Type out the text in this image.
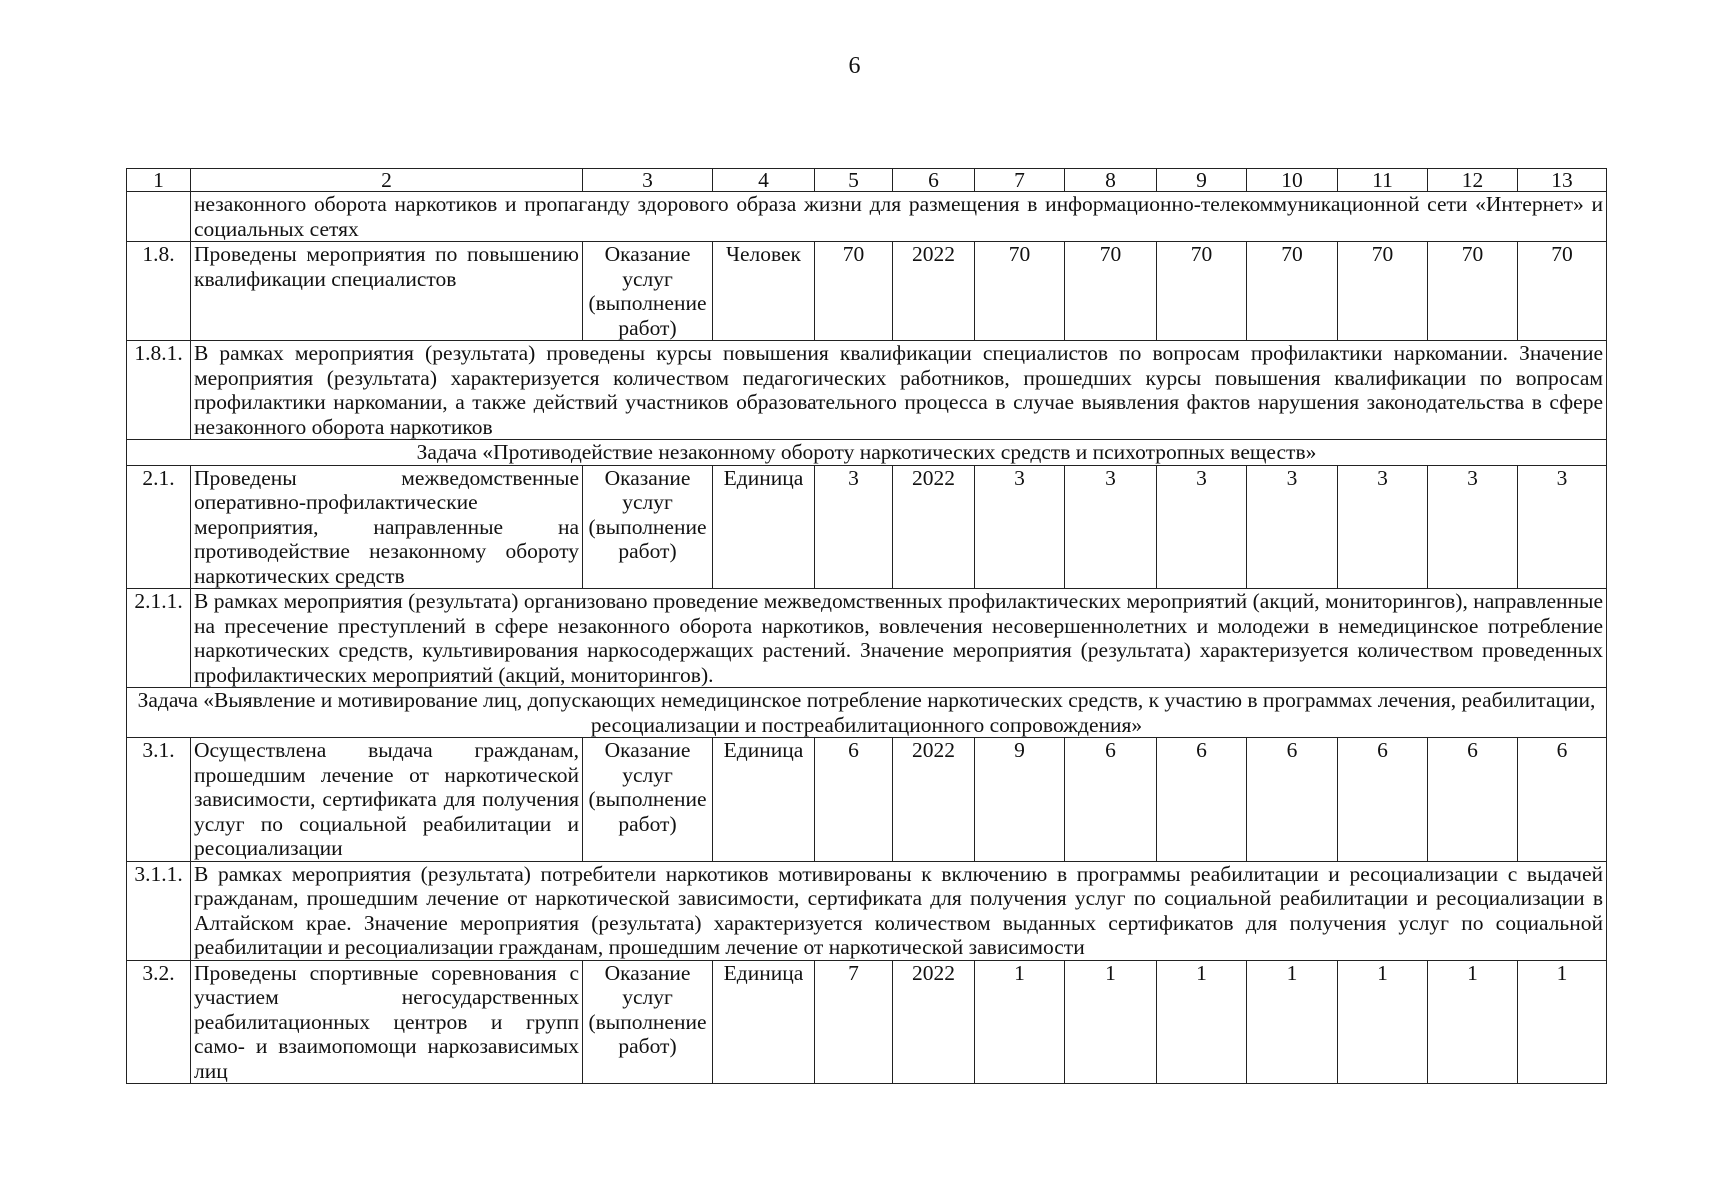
6
1	2	3	4	5	6	7	8	9	10	11	12	13
	незаконного оборота наркотиков и пропаганду здорового образа жизни для размещения в информационно-телекоммуникационной сети «Интернет» и социальных сетях											
1.8.	Проведены мероприятия по повышению квалификации специалистов	Оказание услуг (выполнение работ)	Человек	70	2022	70	70	70	70	70	70	70
1.8.1.	В рамках мероприятия (результата) проведены курсы повышения квалификации специалистов по вопросам профилактики наркомании. Значение мероприятия (результата) характеризуется количеством педагогических работников, прошедших курсы повышения квалификации по вопросам профилактики наркомании, а также действий участников образовательного процесса в случае выявления фактов нарушения законодательства в сфере незаконного оборота наркотиков											
Задача «Противодействие незаконному обороту наркотических средств и психотропных веществ»												
2.1.	Проведены межведомственные оперативно-профилактические мероприятия, направленные на противодействие незаконному обороту наркотических средств	Оказание услуг (выполнение работ)	Единица	3	2022	3	3	3	3	3	3	3
2.1.1.	В рамках мероприятия (результата) организовано проведение межведомственных профилактических мероприятий (акций, мониторингов), направленные на пресечение преступлений в сфере незаконного оборота наркотиков, вовлечения несовершеннолетних и молодежи в немедицинское потребление наркотических средств, культивирования наркосодержащих растений. Значение мероприятия (результата) характеризуется количеством проведенных профилактических мероприятий (акций, мониторингов).											
Задача «Выявление и мотивирование лиц, допускающих немедицинское потребление наркотических средств, к участию в программах лечения, реабилитации, ресоциализации и постреабилитационного сопровождения»												
3.1.	Осуществлена выдача гражданам, прошедшим лечение от наркотической зависимости, сертификата для получения услуг по социальной реабилитации и ресоциализации	Оказание услуг (выполнение работ)	Единица	6	2022	9	6	6	6	6	6	6
3.1.1.	В рамках мероприятия (результата) потребители наркотиков мотивированы к включению в программы реабилитации и ресоциализации с выдачей гражданам, прошедшим лечение от наркотической зависимости, сертификата для получения услуг по социальной реабилитации и ресоциализации в Алтайском крае. Значение мероприятия (результата) характеризуется количеством выданных сертификатов для получения услуг по социальной реабилитации и ресоциализации гражданам, прошедшим лечение от наркотической зависимости											
3.2.	Проведены спортивные соревнования с участием негосударственных реабилитационных центров и групп само- и взаимопомощи наркозависимых лиц	Оказание услуг (выполнение работ)	Единица	7	2022	1	1	1	1	1	1	1
